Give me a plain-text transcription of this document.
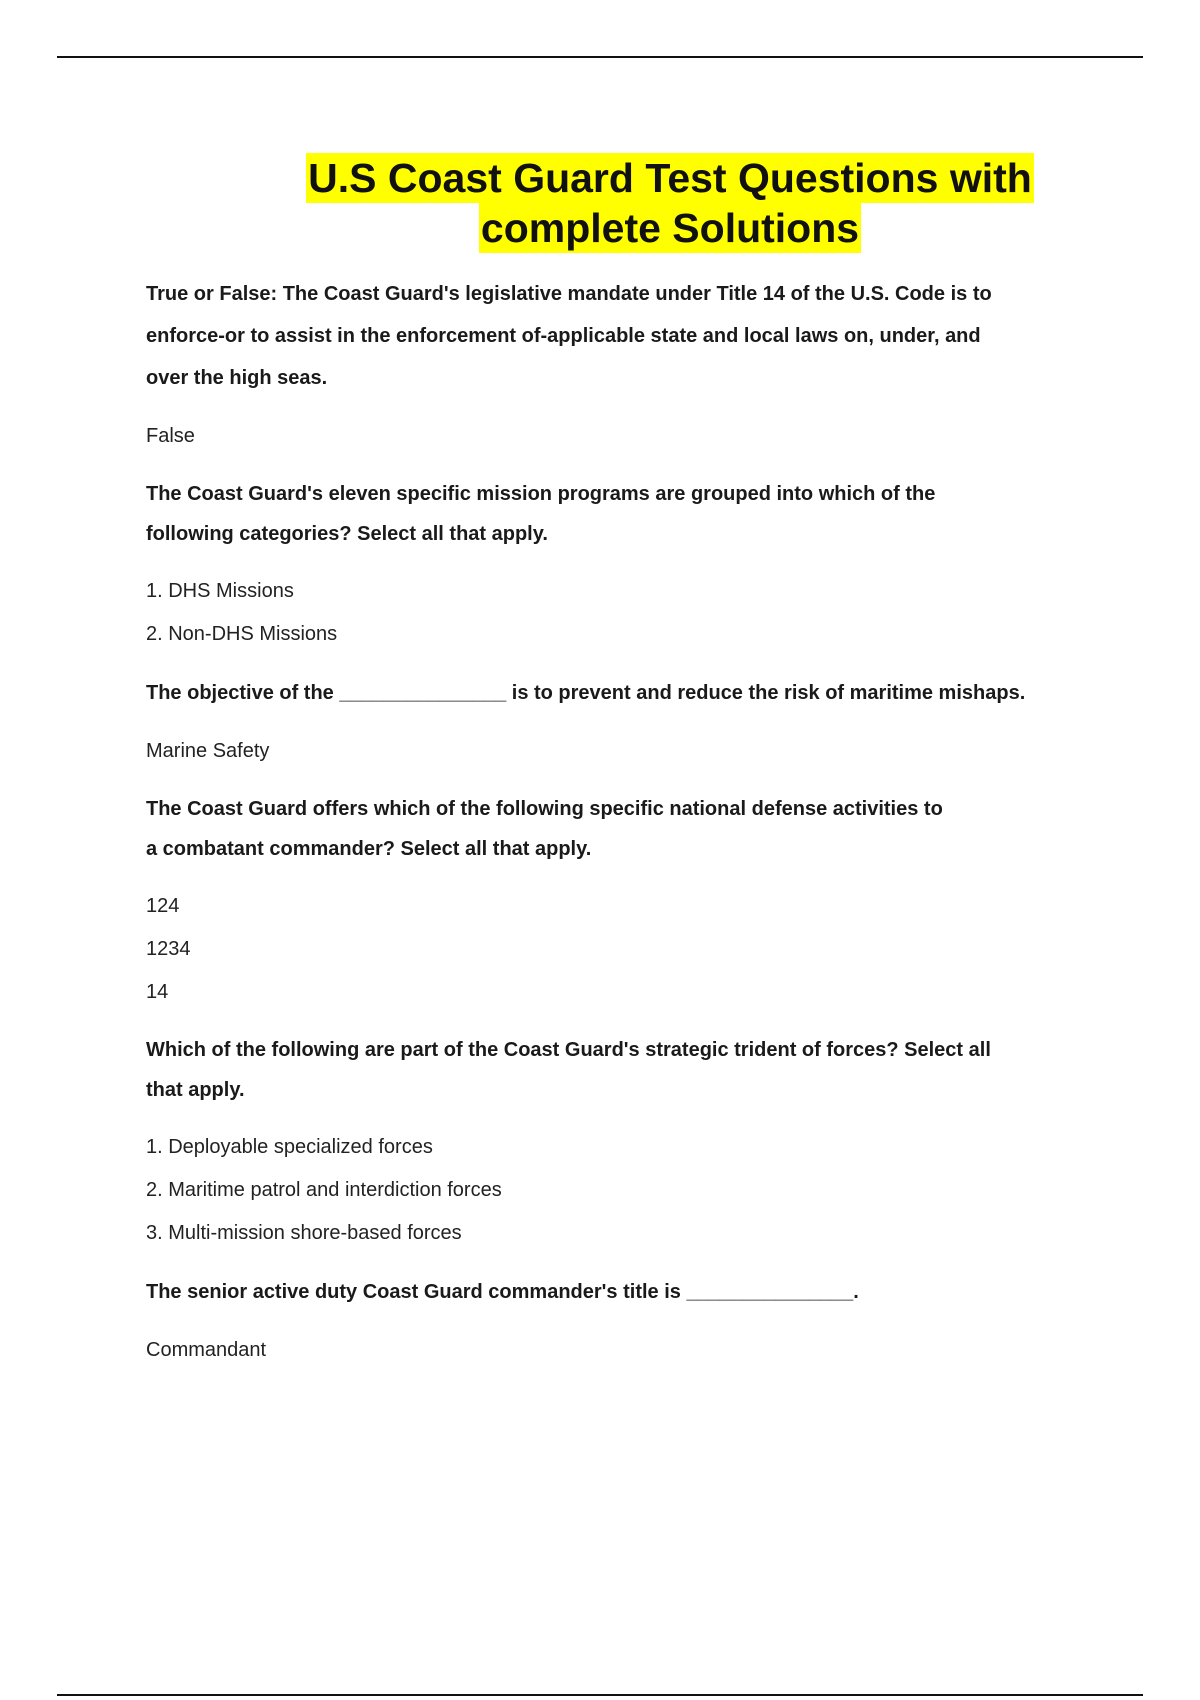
U.S Coast Guard Test Questions with
complete Solutions

True or False: The Coast Guard's legislative mandate under Title 14 of the U.S. Code is to

enforce-or to assist in the enforcement of-applicable state and local laws on, under, and

over the high seas.

False

The Coast Guard's eleven specific mission programs are grouped into which of the

following categories? Select all that apply.

1. DHS Missions

2. Non-DHS Missions

The objective of the _______________ is to prevent and reduce the risk of maritime mishaps.

Marine Safety

The Coast Guard offers which of the following specific national defense activities to

a combatant commander? Select all that apply.

124

1234

14

Which of the following are part of the Coast Guard's strategic trident of forces? Select all

that apply.

1. Deployable specialized forces

2. Maritime patrol and interdiction forces

3. Multi-mission shore-based forces

The senior active duty Coast Guard commander's title is _______________.

Commandant
